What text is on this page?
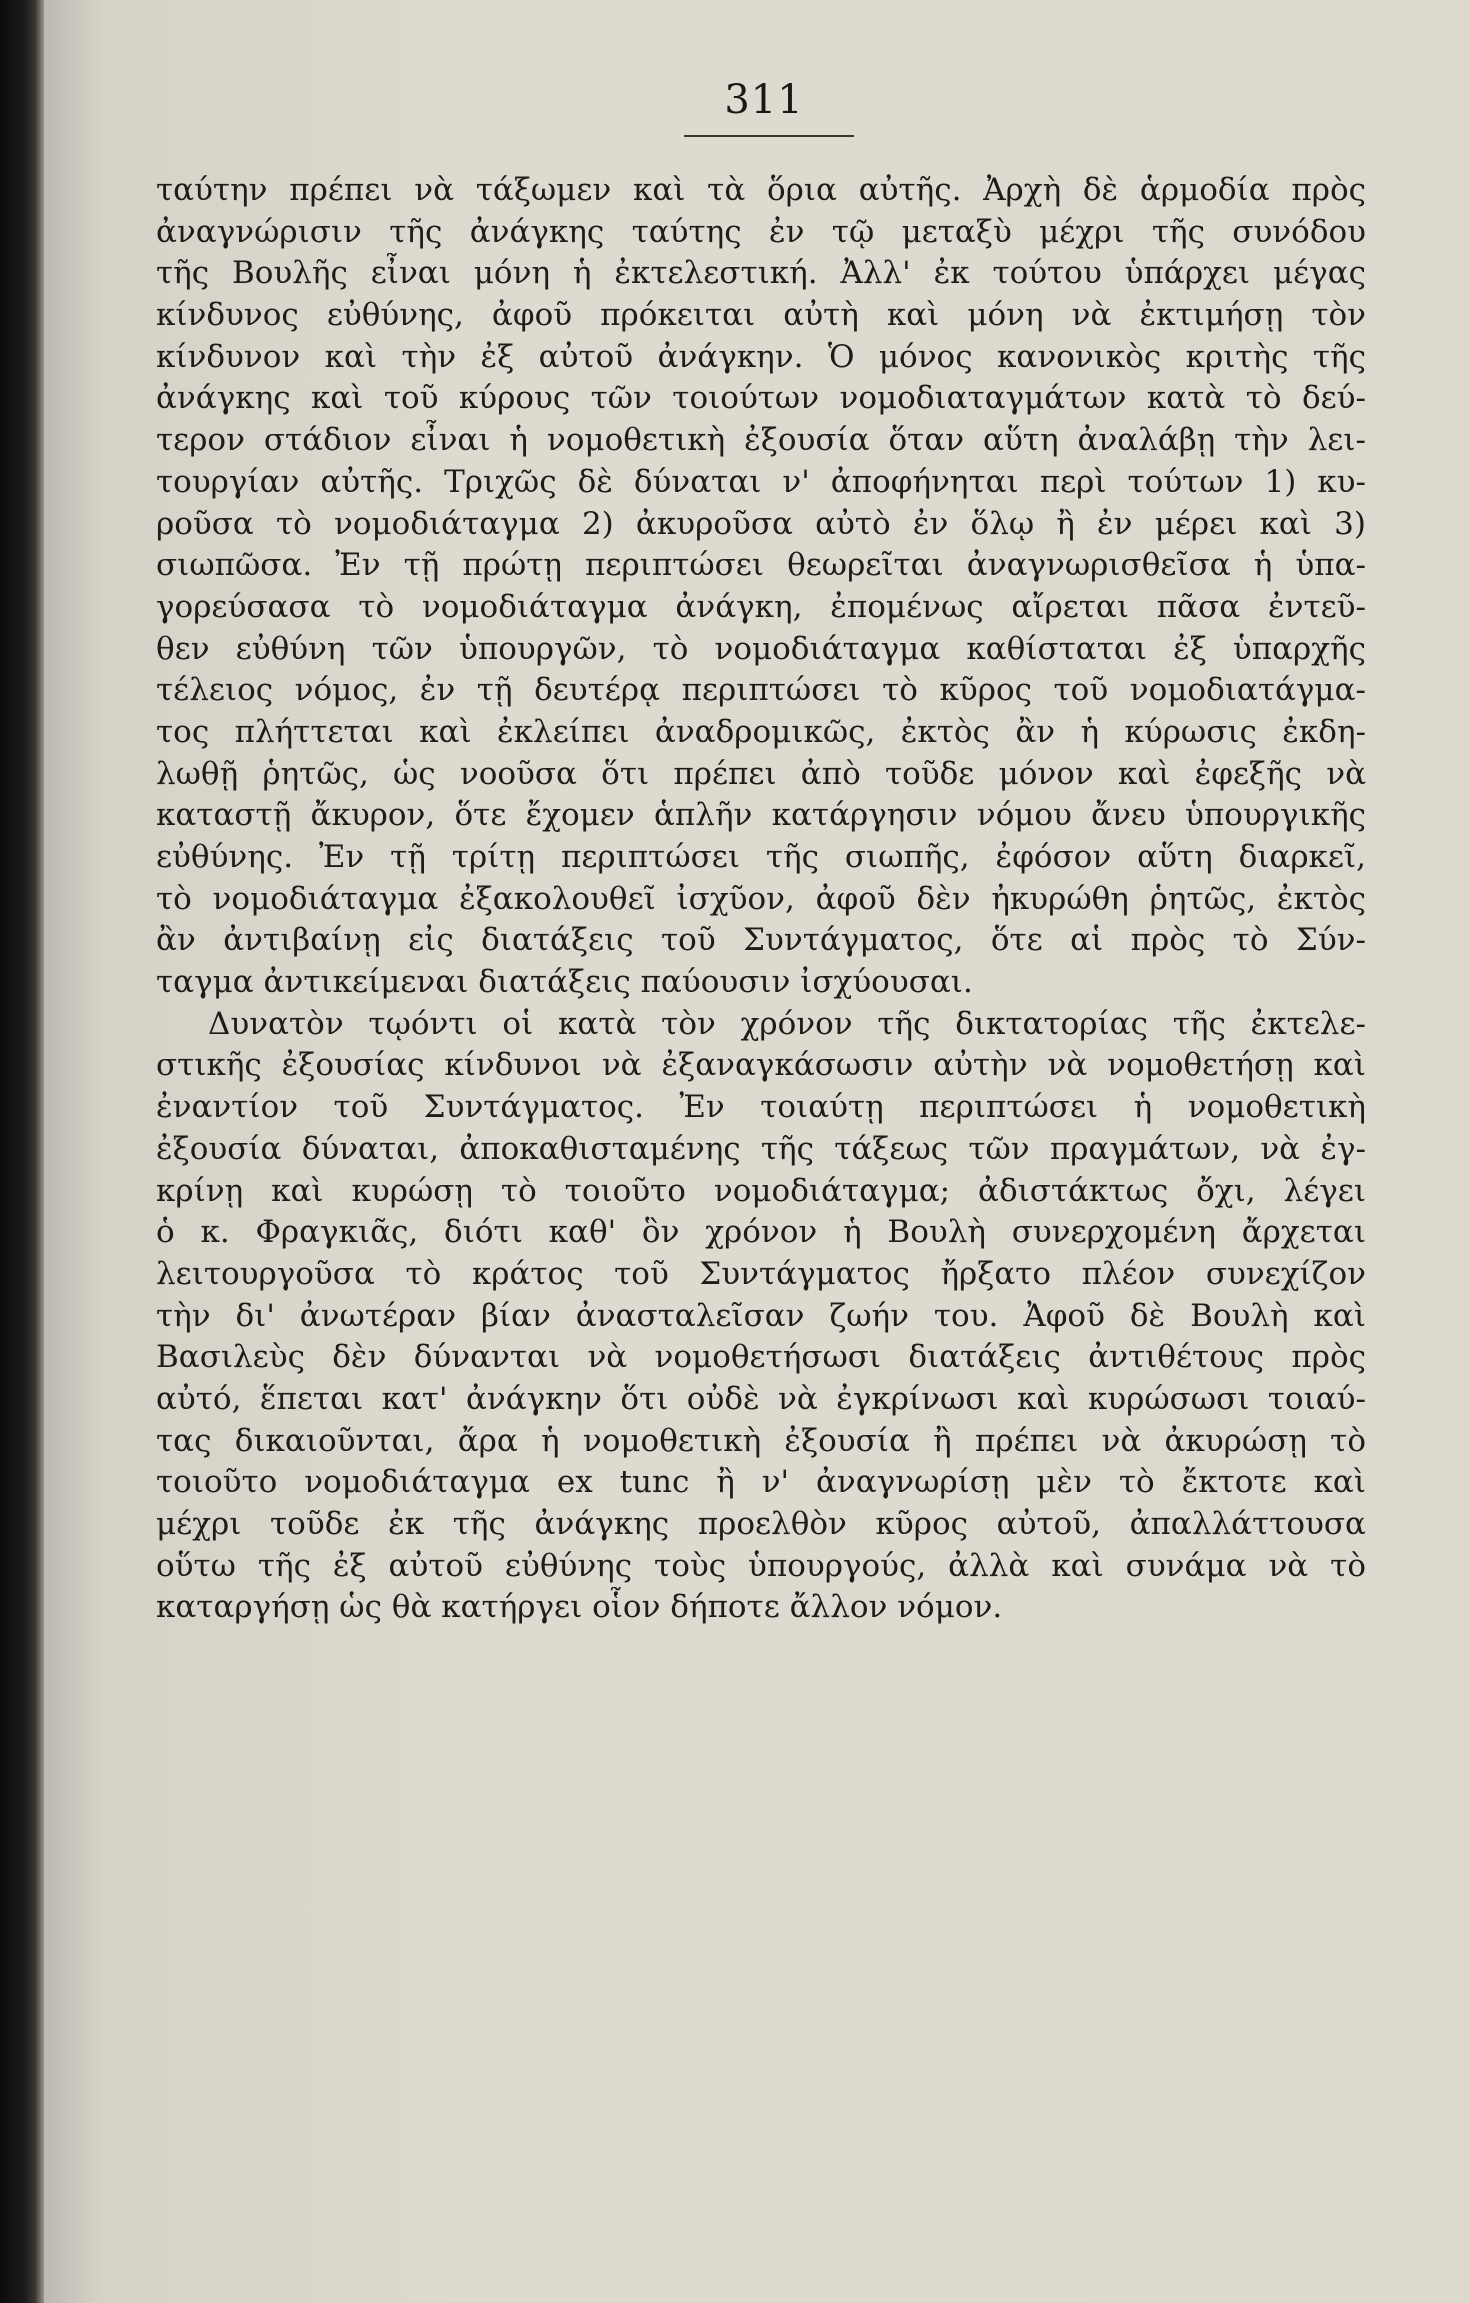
311
ταύτην πρέπει νὰ τάξωμεν καὶ τὰ ὅρια αὐτῆς. Ἀρχὴ δὲ ἁρμοδία πρὸς
ἀναγνώρισιν τῆς ἀνάγκης ταύτης ἐν τῷ μεταξὺ μέχρι τῆς συνόδου
τῆς Βουλῆς εἶναι μόνη ἡ ἐκτελεστική. Ἀλλ' ἐκ τούτου ὑπάρχει μέγας
κίνδυνος εὐθύνης, ἀφοῦ πρόκειται αὐτὴ καὶ μόνη νὰ ἐκτιμήσῃ τὸν
κίνδυνον καὶ τὴν ἐξ αὐτοῦ ἀνάγκην. Ὁ μόνος κανονικὸς κριτὴς τῆς
ἀνάγκης καὶ τοῦ κύρους τῶν τοιούτων νομοδιαταγμάτων κατὰ τὸ δεύ-
τερον στάδιον εἶναι ἡ νομοθετικὴ ἐξουσία ὅταν αὕτη ἀναλάβῃ τὴν λει-
τουργίαν αὐτῆς. Τριχῶς δὲ δύναται ν' ἀποφήνηται περὶ τούτων 1) κυ-
ροῦσα τὸ νομοδιάταγμα 2) ἀκυροῦσα αὐτὸ ἐν ὅλῳ ἢ ἐν μέρει καὶ 3)
σιωπῶσα. Ἐν τῇ πρώτῃ περιπτώσει θεωρεῖται ἀναγνωρισθεῖσα ἡ ὑπα-
γορεύσασα τὸ νομοδιάταγμα ἀνάγκη, ἐπομένως αἴρεται πᾶσα ἐντεῦ-
θεν εὐθύνη τῶν ὑπουργῶν, τὸ νομοδιάταγμα καθίσταται ἐξ ὑπαρχῆς
τέλειος νόμος, ἐν τῇ δευτέρᾳ περιπτώσει τὸ κῦρος τοῦ νομοδιατάγμα-
τος πλήττεται καὶ ἐκλείπει ἀναδρομικῶς, ἐκτὸς ἂν ἡ κύρωσις ἐκδη-
λωθῇ ῥητῶς, ὡς νοοῦσα ὅτι πρέπει ἀπὸ τοῦδε μόνον καὶ ἐφεξῆς νὰ
καταστῇ ἄκυρον, ὅτε ἔχομεν ἁπλῆν κατάργησιν νόμου ἄνευ ὑπουργικῆς
εὐθύνης. Ἐν τῇ τρίτῃ περιπτώσει τῆς σιωπῆς, ἐφόσον αὕτη διαρκεῖ,
τὸ νομοδιάταγμα ἐξακολουθεῖ ἰσχῦον, ἀφοῦ δὲν ἠκυρώθη ῥητῶς, ἐκτὸς
ἂν ἀντιβαίνῃ εἰς διατάξεις τοῦ Συντάγματος, ὅτε αἱ πρὸς τὸ Σύν-
ταγμα ἀντικείμεναι διατάξεις παύουσιν ἰσχύουσαι.
Δυνατὸν τῳόντι οἱ κατὰ τὸν χρόνον τῆς δικτατορίας τῆς ἐκτελε-
στικῆς ἐξουσίας κίνδυνοι νὰ ἐξαναγκάσωσιν αὐτὴν νὰ νομοθετήσῃ καὶ
ἐναντίον τοῦ Συντάγματος. Ἐν τοιαύτῃ περιπτώσει ἡ νομοθετικὴ
ἐξουσία δύναται, ἀποκαθισταμένης τῆς τάξεως τῶν πραγμάτων, νὰ ἐγ-
κρίνῃ καὶ κυρώσῃ τὸ τοιοῦτο νομοδιάταγμα; ἀδιστάκτως ὄχι, λέγει
ὁ κ. Φραγκιᾶς, διότι καθ' ὃν χρόνον ἡ Βουλὴ συνερχομένη ἄρχεται
λειτουργοῦσα τὸ κράτος τοῦ Συντάγματος ἤρξατο πλέον συνεχίζον
τὴν δι' ἀνωτέραν βίαν ἀνασταλεῖσαν ζωήν του. Ἀφοῦ δὲ Βουλὴ καὶ
Βασιλεὺς δὲν δύνανται νὰ νομοθετήσωσι διατάξεις ἀντιθέτους πρὸς
αὐτό, ἕπεται κατ' ἀνάγκην ὅτι οὐδὲ νὰ ἐγκρίνωσι καὶ κυρώσωσι τοιαύ-
τας δικαιοῦνται, ἄρα ἡ νομοθετικὴ ἐξουσία ἢ πρέπει νὰ ἀκυρώσῃ τὸ
τοιοῦτο νομοδιάταγμα ex tunc ἢ ν' ἀναγνωρίσῃ μὲν τὸ ἔκτοτε καὶ
μέχρι τοῦδε ἐκ τῆς ἀνάγκης προελθὸν κῦρος αὐτοῦ, ἀπαλλάττουσα
οὕτω τῆς ἐξ αὐτοῦ εὐθύνης τοὺς ὑπουργούς, ἀλλὰ καὶ συνάμα νὰ τὸ
καταργήσῃ ὡς θὰ κατήργει οἷον δήποτε ἄλλον νόμον.
